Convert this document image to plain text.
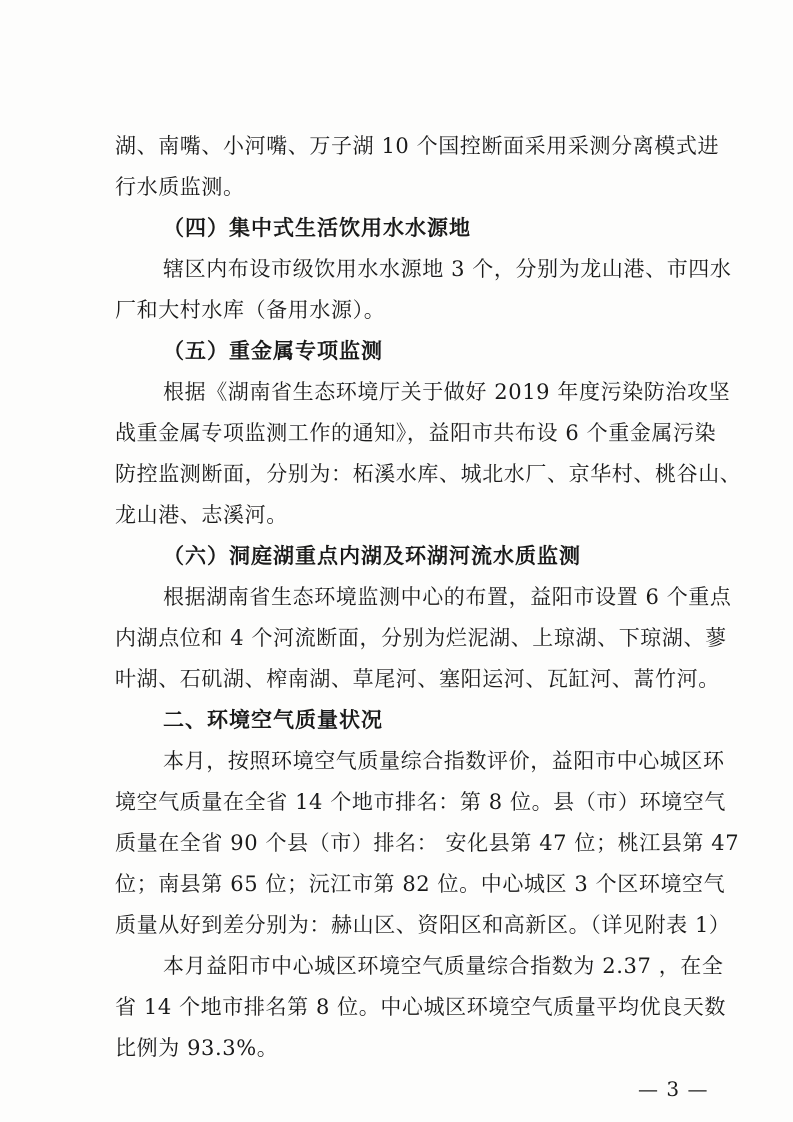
湖、南嘴、小河嘴、万子湖 10 个国控断面采用采测分离模式进
行水质监测。
（四）集中式生活饮用水水源地
辖区内布设市级饮用水水源地 3 个，分别为龙山港、市四水
厂和大村水库（备用水源）。
（五）重金属专项监测
根据《湖南省生态环境厅关于做好 2019 年度污染防治攻坚
战重金属专项监测工作的通知》，益阳市共布设 6 个重金属污染
防控监测断面，分别为：柘溪水库、城北水厂、京华村、桃谷山、
龙山港、志溪河。
（六）洞庭湖重点内湖及环湖河流水质监测
根据湖南省生态环境监测中心的布置，益阳市设置 6 个重点
内湖点位和 4 个河流断面，分别为烂泥湖、上琼湖、下琼湖、蓼
叶湖、石矶湖、榨南湖、草尾河、塞阳运河、瓦缸河、蒿竹河。
二、环境空气质量状况
本月，按照环境空气质量综合指数评价，益阳市中心城区环
境空气质量在全省 14 个地市排名：第 8 位。县（市）环境空气
质量在全省 90 个县（市）排名： 安化县第 47 位；桃江县第 47
位；南县第 65 位；沅江市第 82 位。中心城区 3 个区环境空气
质量从好到差分别为：赫山区、资阳区和高新区。（详见附表 1）
本月益阳市中心城区环境空气质量综合指数为 2.37 ，在全
省 14 个地市排名第 8 位。中心城区环境空气质量平均优良天数
比例为 93.3%。
— 3 —
